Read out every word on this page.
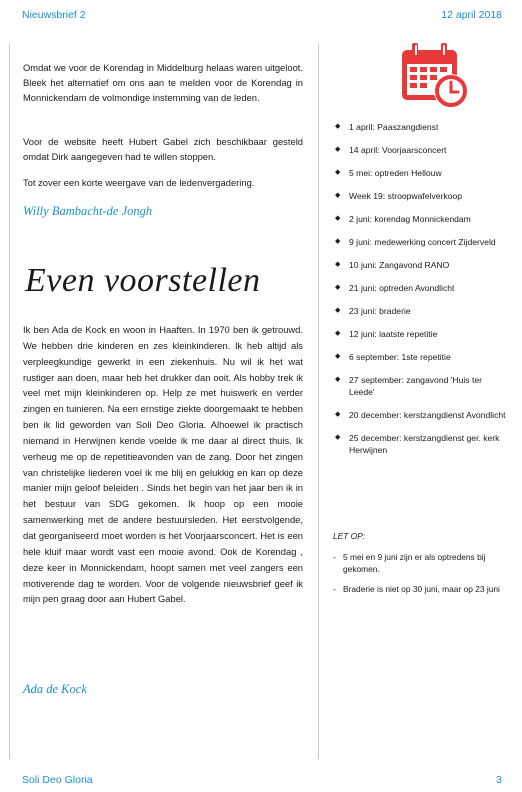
Nieuwsbrief 2	12 april 2018

Omdat we voor de Korendag in Middelburg helaas waren uitgeloot. Bleek het alternatief om ons aan te melden voor de Korendag in Monnickendam de volmondige instemming van de leden.

Voor de website heeft Hubert Gabel zich beschikbaar gesteld omdat Dirk aangegeven had te willen stoppen.

Tot zover een korte weergave van de ledenvergadering.

Willy Bambacht-de Jongh
Even voorstellen

Ik ben Ada de Kock en woon in Haaften. In 1970 ben ik getrouwd. We hebben drie kinderen en zes kleinkinderen. Ik heb altijd als verpleegkundige gewerkt in een ziekenhuis. Nu wil ik het wat rustiger aan doen, maar heb het drukker dan ooit. Als hobby trek ik veel met mijn kleinkinderen op. Help ze met huiswerk en verder zingen en tuinieren. Na een ernstige ziekte doorgemaakt te hebben ben ik lid geworden van Soli Deo Gloria. Alhoewel ik practisch niemand in Herwijnen kende voelde ik me daar al direct thuis. Ik verheug me op de repetitieavonden van de zang. Door het zingen van christelijke liederen voel ik me blij en gelukkig en kan op deze manier mijn geloof beleiden . Sinds het begin van het jaar ben ik in het bestuur van SDG gekomen. Ik hoop op een mooie samenwerking met de andere bestuursleden. Het eerstvolgende, dat georganiseerd moet worden is het Voorjaarsconcert. Het is een hele kluif maar wordt vast een mooie avond. Ook de Korendag , deze keer in Monnickendam, hoopt samen met veel zangers een motiverende dag te worden. Voor de volgende nieuwsbrief geef ik mijn pen graag door aan Hubert Gabel.

Ada de Kock
◆ 1 april: Paaszangdienst
◆ 14 april: Voorjaarsconcert
◆ 5 mei: optreden Hellouw
◆ Week 19: stroopwafelverkoop
◆ 2 juni: korendag Monnickendam
◆ 9 juni: medewerking concert Zijderveld
◆ 10 juni: Zangavond RANO
◆ 21 juni: optreden Avondlicht
◆ 23 juni: braderie
◆ 12 juni: laatste repetitie
◆ 6 september: 1ste repetitie
◆ 27 september: zangavond 'Huis ter Leede'
◆ 20 december: kerstzangdienst Avondlicht
◆ 25 december: kerstzangdienst ger. kerk Herwijnen
LET OP:
- 5 mei en 9 juni zijn er als optredens bij gekomen.
- Braderie is niet op 30 juni, maar op 23 juni
Soli Deo Gloria	3
